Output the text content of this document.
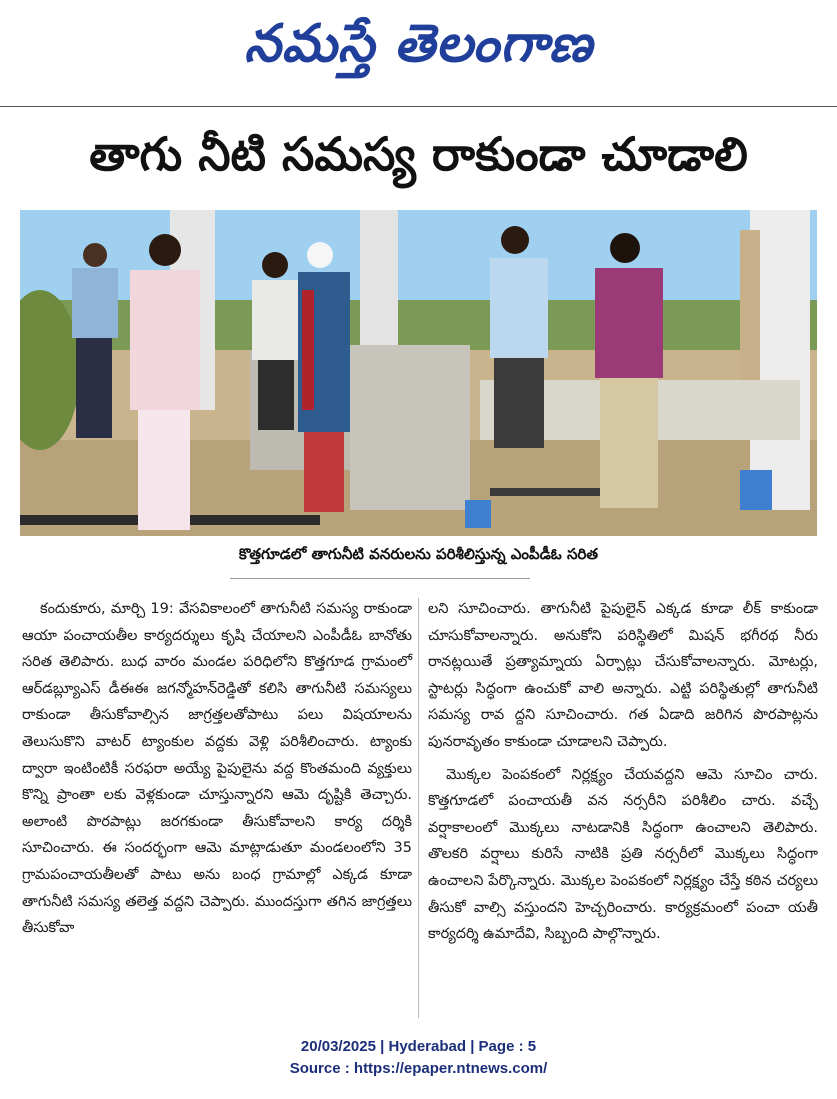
నమస్తే తెలంగాణ
తాగు నీటి సమస్య రాకుండా చూడాలి
కొత్తగూడలో తాగునీటి వనరులను పరిశీలిస్తున్న ఎంపీడీఓ సరిత

కందుకూరు, మార్చి 19: వేసవికాలంలో తాగునీటి సమస్య రాకుండా ఆయా పంచాయతీల కార్యదర్శులు కృషి చేయాలని ఎంపీడీఓ బానోతు సరిత తెలిపారు. బుధ వారం మండల పరిధిలోని కొత్తగూడ గ్రామంలో ఆర్‌డబ్ల్యూఎస్ డీఈఈ జగన్మోహన్‌రెడ్డితో కలిసి తాగునీటి సమస్యలు రాకుండా తీసుకోవాల్సిన జాగ్రత్తలతోపాటు పలు విషయాలను తెలుసుకొని వాటర్ ట్యాంకుల వద్దకు వెళ్లి పరిశీలించారు. ట్యాంకు ద్వారా ఇంటింటికీ సరఫరా అయ్యే పైపులైను వద్ద కొంతమంది వ్యక్తులు కొన్ని ప్రాంతా లకు వెళ్లకుండా చూస్తున్నారని ఆమె దృష్టికి తెచ్చారు. అలాంటి పొరపాట్లు జరగకుండా తీసుకోవాలని కార్య దర్శికి సూచించారు. ఈ సందర్భంగా ఆమె మాట్లాడుతూ మండలంలోని 35 గ్రామపంచాయతీలతో పాటు అను బంధ గ్రామాల్లో ఎక్కడ కూడా తాగునీటి సమస్య తలెత్త వద్దని చెప్పారు. ముందస్తుగా తగిన జాగ్రత్తలు తీసుకోవా

లని సూచించారు. తాగునీటి పైపులైన్ ఎక్కడ కూడా లీక్ కాకుండా చూసుకోవాలన్నారు. అనుకోని పరిస్థితిలో మిషన్ భగీరథ నీరు రానట్లయితే ప్రత్యామ్నాయ ఏర్పాట్లు చేసుకోవాలన్నారు. మోటర్లు, స్టాటర్లు సిద్ధంగా ఉంచుకో వాలి అన్నారు. ఎట్టి పరిస్థితుల్లో తాగునీటి సమస్య రావ ద్దని సూచించారు. గత ఏడాది జరిగిన పొరపాట్లను పునరావృతం కాకుండా చూడాలని చెప్పారు.

మొక్కల పెంపకంలో నిర్లక్ష్యం చేయవద్దని ఆమె సూచిం చారు. కొత్తగూడలో పంచాయతీ వన నర్సరీని పరిశీలిం చారు. వచ్చే వర్షాకాలంలో మొక్కలు నాటడానికి సిద్ధంగా ఉంచాలని తెలిపారు. తొలకరి వర్షాలు కురిసే నాటికి ప్రతి నర్సరీలో మొక్కలు సిద్ధంగా ఉంచాలని పేర్కొన్నారు. మొక్కల పెంపకంలో నిర్లక్ష్యం చేస్తే కఠిన చర్యలు తీసుకో వాల్సి వస్తుందని హెచ్చరించారు. కార్యక్రమంలో పంచా యతీ కార్యదర్శి ఉమాదేవి, సిబ్బంది పాల్గొన్నారు.

20/03/2025 | Hyderabad | Page : 5
Source : https://epaper.ntnews.com/
